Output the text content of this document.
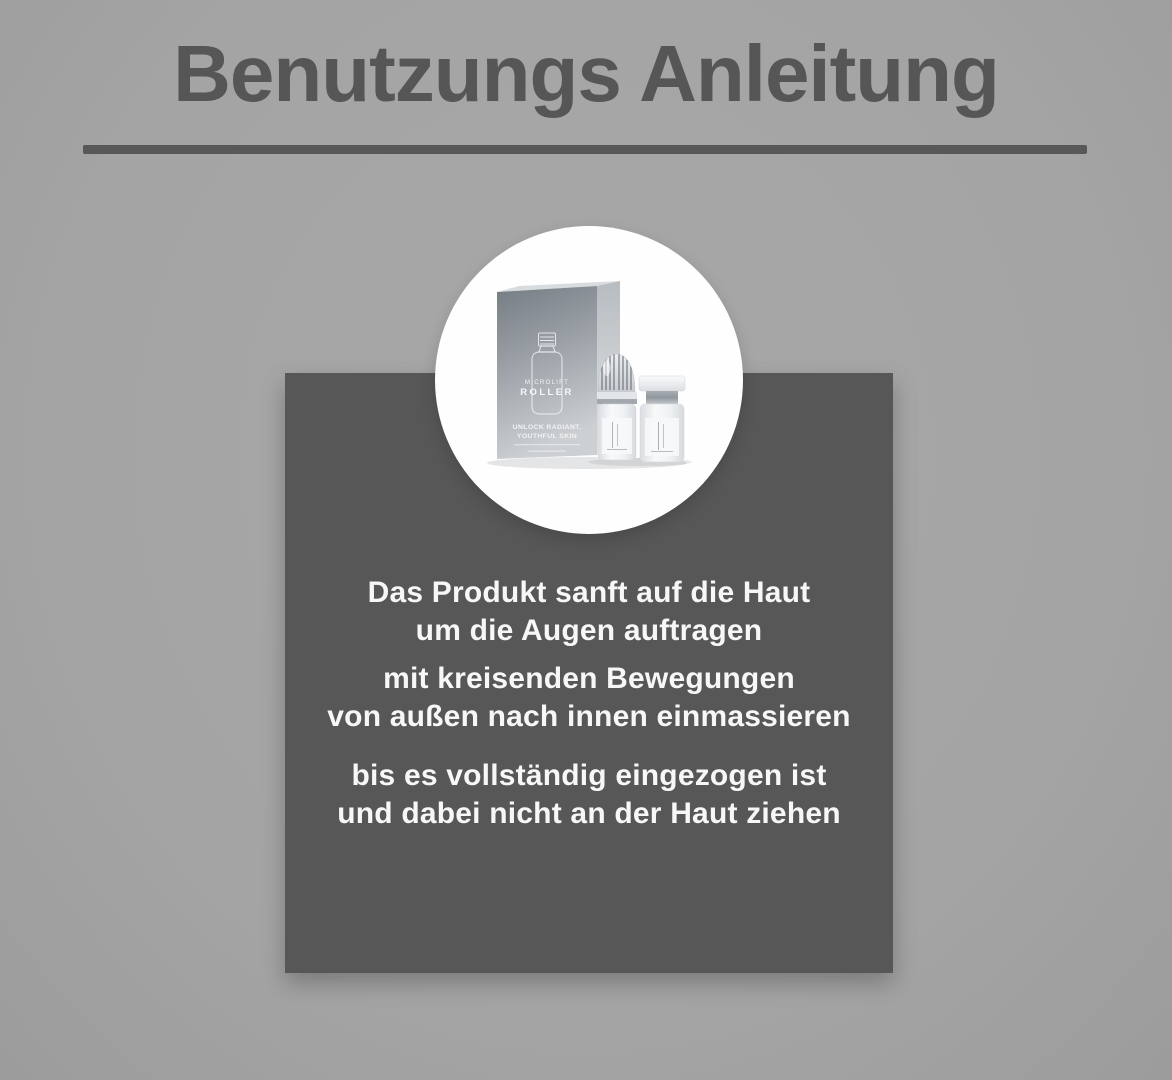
Benutzungs Anleitung
Das Produkt sanft auf die Haut
um die Augen auftragen
mit kreisenden Bewegungen
von außen nach innen einmassieren
bis es vollständig eingezogen ist
und dabei nicht an der Haut ziehen
MICROLIFT
ROLLER
UNLOCK RADIANT,
YOUTHFUL SKIN
